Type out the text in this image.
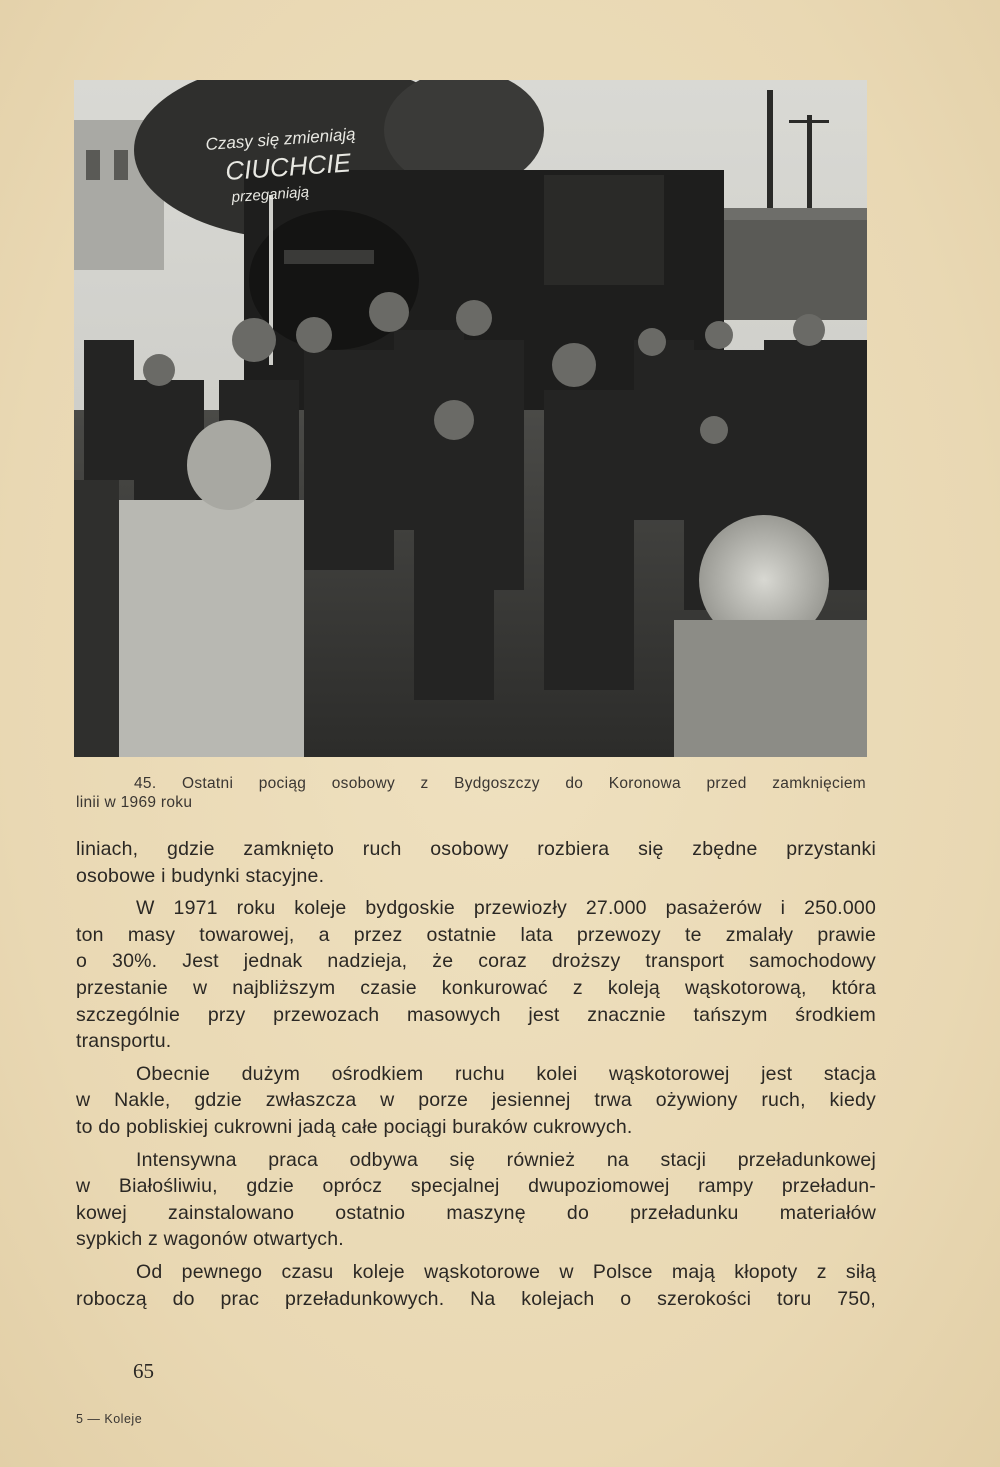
Czasy się zmieniają
CIUCHCIE
przeganiają
45. Ostatni pociąg osobowy z Bydgoszczy do Koronowa przed zamknięciem
linii w 1969 roku
liniach, gdzie zamknięto ruch osobowy rozbiera się zbędne przystanki
osobowe i budynki stacyjne.
W 1971 roku koleje bydgoskie przewiozły 27.000 pasażerów i 250.000
ton masy towarowej, a przez ostatnie lata przewozy te zmalały prawie
o 30%. Jest jednak nadzieja, że coraz droższy transport samochodowy
przestanie w najbliższym czasie konkurować z koleją wąskotorową, która
szczególnie przy przewozach masowych jest znacznie tańszym środkiem
transportu.
Obecnie dużym ośrodkiem ruchu kolei wąskotorowej jest stacja
w Nakle, gdzie zwłaszcza w porze jesiennej trwa ożywiony ruch, kiedy
to do pobliskiej cukrowni jadą całe pociągi buraków cukrowych.
Intensywna praca odbywa się również na stacji przeładunkowej
w Białośliwiu, gdzie oprócz specjalnej dwupoziomowej rampy przeładun-
kowej zainstalowano ostatnio maszynę do przeładunku materiałów
sypkich z wagonów otwartych.
Od pewnego czasu koleje wąskotorowe w Polsce mają kłopoty z siłą
roboczą do prac przeładunkowych. Na kolejach o szerokości toru 750,
65
5 — Koleje
